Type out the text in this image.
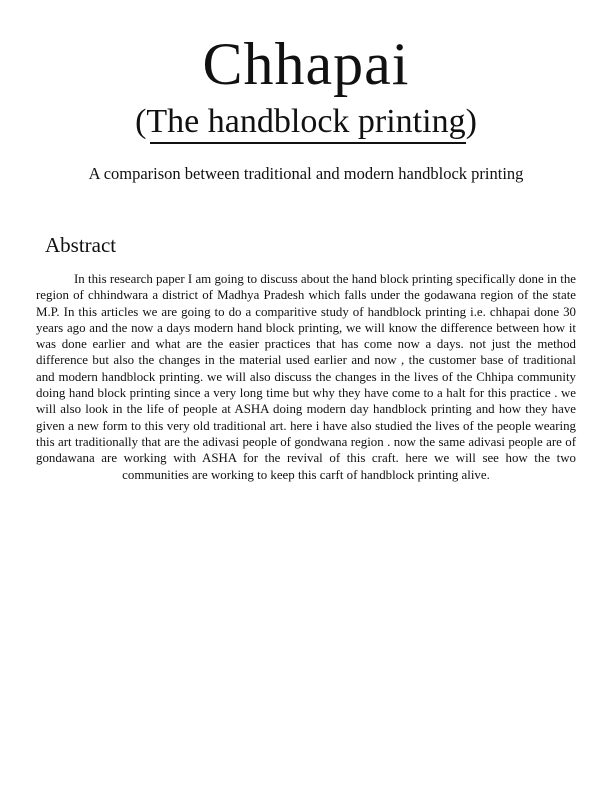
Chhapai
(The handblock printing)

A comparison between traditional and modern handblock printing

Abstract

In this research paper I am going to discuss about the hand block printing specifically done in the region of chhindwara a district of Madhya Pradesh which falls under the godawana region of the state M.P. In this articles we are going to do a comparitive study of handblock printing i.e. chhapai done 30 years ago and the now a days modern hand block printing, we will know the difference between how it was done earlier and what are the easier practices that has come now a days. not just the method difference but also the changes in the material used earlier and now , the customer base of traditional and modern handblock printing. we will also discuss the changes in the lives of the Chhipa community doing hand block printing since a very long time but why they have come to a halt for this practice . we will also look in the life of people at ASHA doing modern day handblock printing and how they have given a new form to this very old traditional art. here i have also studied the lives of the people wearing this art traditionally that are the adivasi people of gondwana region . now the same adivasi people are of gondawana are working with ASHA for the revival of this craft. here we will see how the two communities are working to keep this carft of handblock printing alive.
